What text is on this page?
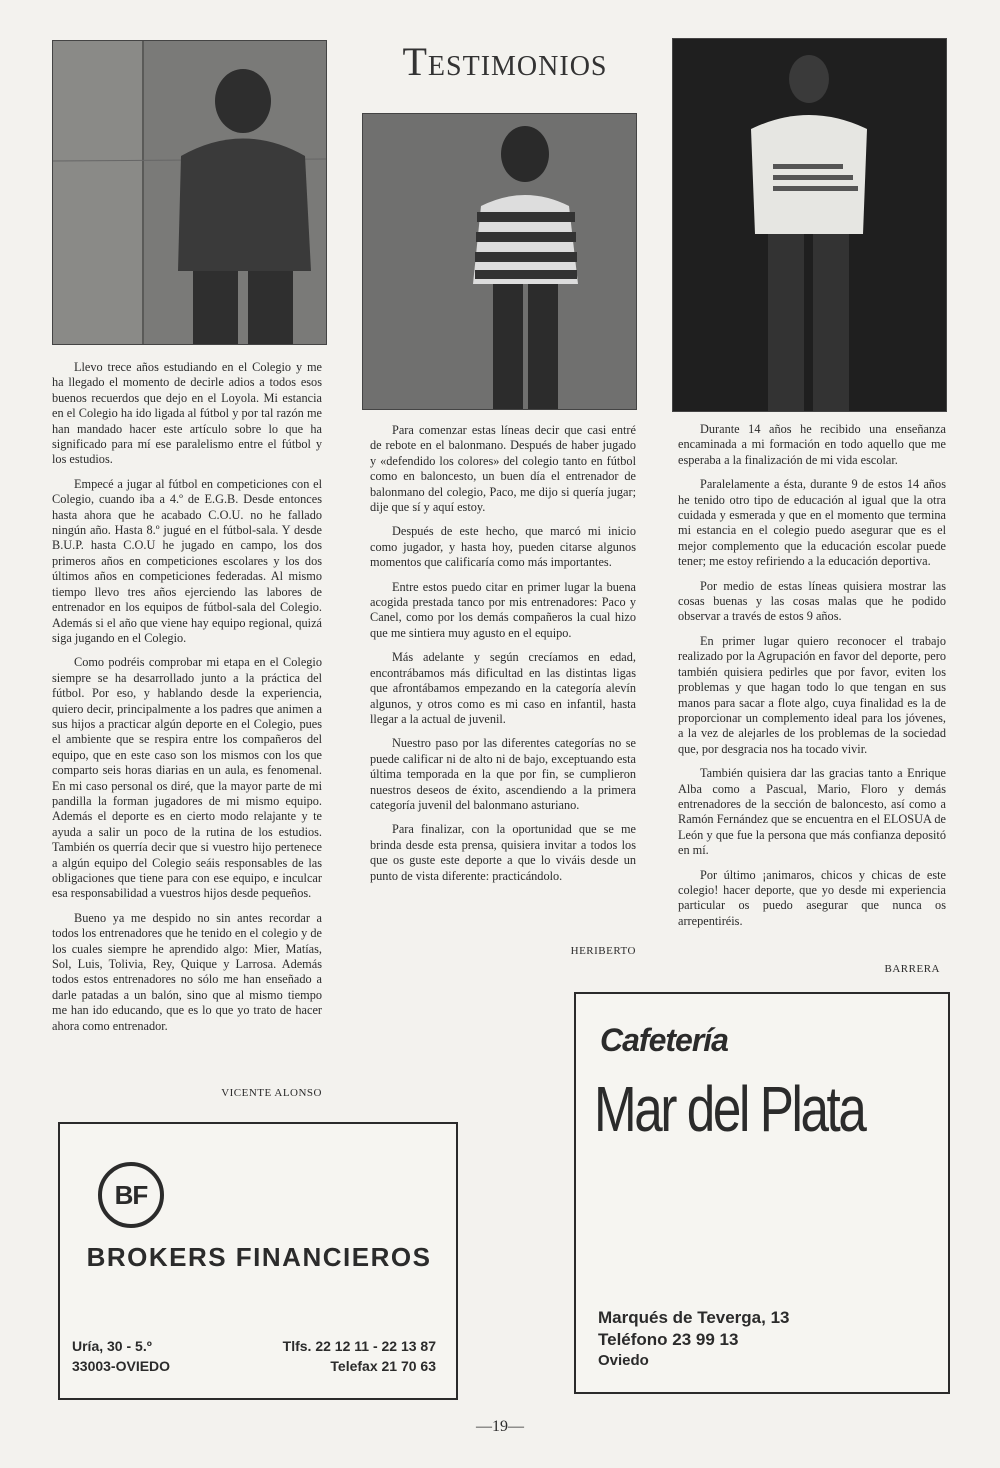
Testimonios

Llevo trece años estudiando en el Colegio y me ha llegado el momento de decirle adios a todos esos buenos recuerdos que dejo en el Loyola. Mi estancia en el Colegio ha ido ligada al fútbol y por tal razón me han mandado hacer este artículo sobre lo que ha significado para mí ese paralelismo entre el fútbol y los estudios.

Empecé a jugar al fútbol en competiciones con el Colegio, cuando iba a 4.º de E.G.B. Desde entonces hasta ahora que he acabado C.O.U. no he fallado ningún año. Hasta 8.º jugué en el fútbol-sala. Y desde B.U.P. hasta C.O.U he jugado en campo, los dos primeros años en competiciones escolares y los dos últimos años en competiciones federadas. Al mismo tiempo llevo tres años ejerciendo las labores de entrenador en los equipos de fútbol-sala del Colegio. Además si el año que viene hay equipo regional, quizá siga jugando en el Colegio.

Como podréis comprobar mi etapa en el Colegio siempre se ha desarrollado junto a la práctica del fútbol. Por eso, y hablando desde la experiencia, quiero decir, principalmente a los padres que animen a sus hijos a practicar algún deporte en el Colegio, pues el ambiente que se respira entre los compañeros del equipo, que en este caso son los mismos con los que comparto seis horas diarias en un aula, es fenomenal. En mi caso personal os diré, que la mayor parte de mi pandilla la forman jugadores de mi mismo equipo. Además el deporte es en cierto modo relajante y te ayuda a salir un poco de la rutina de los estudios. También os querría decir que si vuestro hijo pertenece a algún equipo del Colegio seáis responsables de las obligaciones que tiene para con ese equipo, e inculcar esa responsabilidad a vuestros hijos desde pequeños.

Bueno ya me despido no sin antes recordar a todos los entrenadores que he tenido en el colegio y de los cuales siempre he aprendido algo: Mier, Matías, Sol, Luis, Tolivia, Rey, Quique y Larrosa. Además todos estos entrenadores no sólo me han enseñado a darle patadas a un balón, sino que al mismo tiempo me han ido educando, que es lo que yo trato de hacer ahora como entrenador.

VICENTE ALONSO

Para comenzar estas líneas decir que casi entré de rebote en el balonmano. Después de haber jugado y «defendido los colores» del colegio tanto en fútbol como en baloncesto, un buen día el entrenador de balonmano del colegio, Paco, me dijo si quería jugar; dije que sí y aquí estoy.

Después de este hecho, que marcó mi inicio como jugador, y hasta hoy, pueden citarse algunos momentos que calificaría como más importantes.

Entre estos puedo citar en primer lugar la buena acogida prestada tanco por mis entrenadores: Paco y Canel, como por los demás compañeros la cual hizo que me sintiera muy agusto en el equipo.

Más adelante y según crecíamos en edad, encontrábamos más dificultad en las distintas ligas que afrontábamos empezando en la categoría alevín algunos, y otros como es mi caso en infantil, hasta llegar a la actual de juvenil.

Nuestro paso por las diferentes categorías no se puede calificar ni de alto ni de bajo, exceptuando esta última temporada en la que por fin, se cumplieron nuestros deseos de éxito, ascendiendo a la primera categoría juvenil del balonmano asturiano.

Para finalizar, con la oportunidad que se me brinda desde esta prensa, quisiera invitar a todos los que os guste este deporte a que lo viváis desde un punto de vista diferente: practicándolo.

HERIBERTO

Durante 14 años he recibido una enseñanza encaminada a mi formación en todo aquello que me esperaba a la finalización de mi vida escolar.

Paralelamente a ésta, durante 9 de estos 14 años he tenido otro tipo de educación al igual que la otra cuidada y esmerada y que en el momento que termina mi estancia en el colegio puedo asegurar que es el mejor complemento que la educación escolar puede tener; me estoy refiriendo a la educación deportiva.

Por medio de estas líneas quisiera mostrar las cosas buenas y las cosas malas que he podido observar a través de estos 9 años.

En primer lugar quiero reconocer el trabajo realizado por la Agrupación en favor del deporte, pero también quisiera pedirles que por favor, eviten los problemas y que hagan todo lo que tengan en sus manos para sacar a flote algo, cuya finalidad es la de proporcionar un complemento ideal para los jóvenes, a la vez de alejarles de los problemas de la sociedad que, por desgracia nos ha tocado vivir.

También quisiera dar las gracias tanto a Enrique Alba como a Pascual, Mario, Floro y demás entrenadores de la sección de baloncesto, así como a Ramón Fernández que se encuentra en el ELOSUA de León y que fue la persona que más confianza depositó en mí.

Por último ¡animaros, chicos y chicas de este colegio! hacer deporte, que yo desde mi experiencia particular os puedo asegurar que nunca os arrepentiréis.

BARRERA
BF
BROKERS FINANCIEROS
Uría, 30 - 5.º
33003-OVIEDO
Tlfs. 22 12 11 - 22 13 87
Telefax 21 70 63
Cafetería
Mar del Plata
Marqués de Teverga, 13
Teléfono 23 99 13
Oviedo
—19—
